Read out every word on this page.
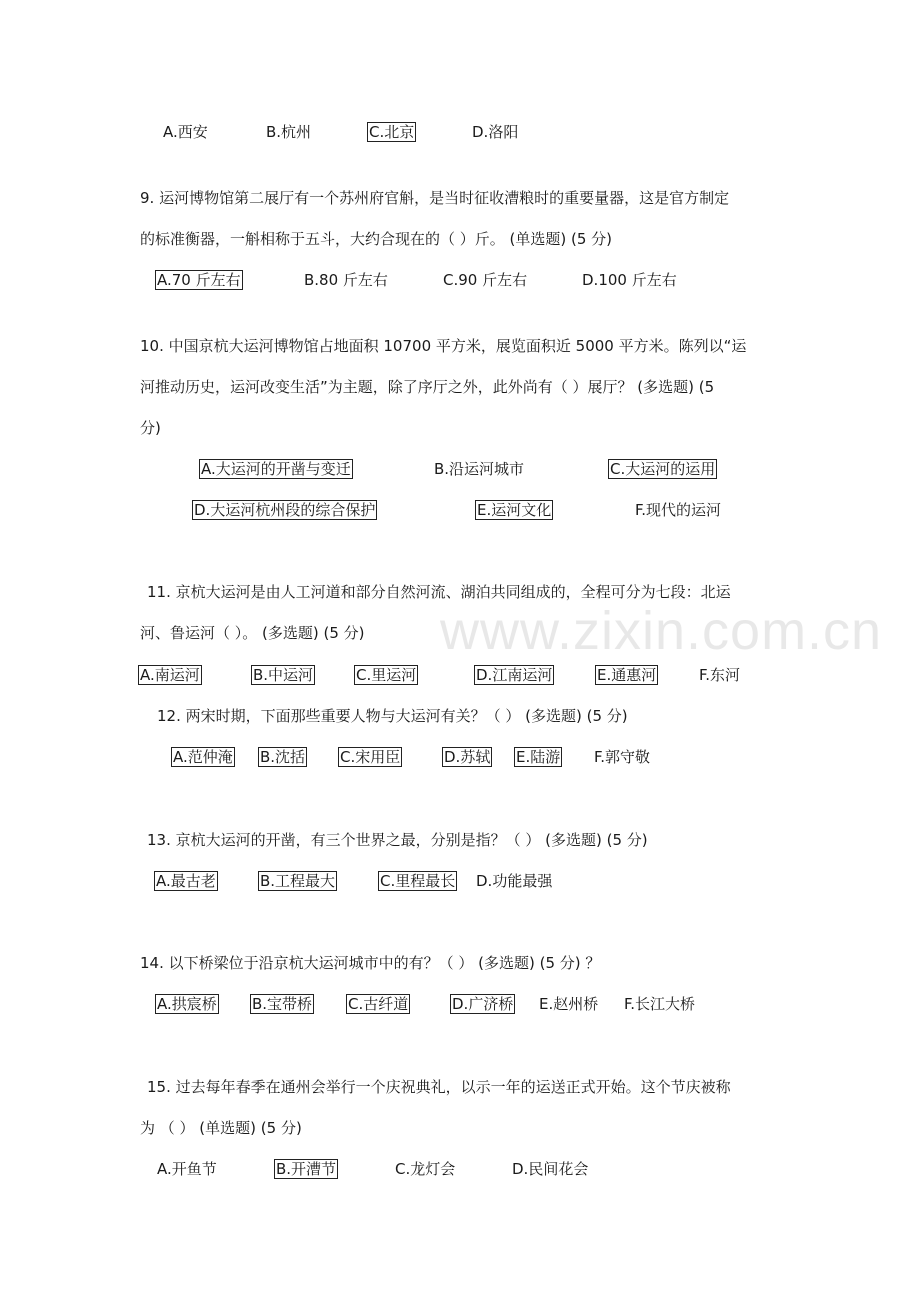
www.zixin.com.cn
A.西安	B.杭州	C.北京	D.洛阳
9. 运河博物馆第二展厅有一个苏州府官斛，是当时征收漕粮时的重要量器，这是官方制定
的标准衡器，一斛相称于五斗，大约合现在的（ ）斤。 (单选题) (5 分)
A.70 斤左右	B.80 斤左右	C.90 斤左右	D.100 斤左右
10. 中国京杭大运河博物馆占地面积 10700 平方米，展览面积近 5000 平方米。陈列以“运
河推动历史，运河改变生活”为主题，除了序厅之外，此外尚有（ ）展厅？ (多选题) (5
分)
A.大运河的开凿与变迁	B.沿运河城市	C.大运河的运用
D.大运河杭州段的综合保护	E.运河文化	F.现代的运河
11. 京杭大运河是由人工河道和部分自然河流、湖泊共同组成的，全程可分为七段：北运
河、鲁运河（ ）。 (多选题) (5 分)
A.南运河	B.中运河	C.里运河	D.江南运河	E.通惠河	F.东河
12. 两宋时期，下面那些重要人物与大运河有关？（ ） (多选题) (5 分)
A.范仲淹 B.沈括 C.宋用臣	D.苏轼 E.陆游 F.郭守敬
13. 京杭大运河的开凿，有三个世界之最，分别是指？（ ） (多选题) (5 分)
A.最古老	B.工程最大	C.里程最长 D.功能最强
14. 以下桥梁位于沿京杭大运河城市中的有？（ ） (多选题) (5 分) ？
A.拱宸桥 B.宝带桥 C.古纤道	D.广济桥 E.赵州桥 F.长江大桥
15. 过去每年春季在通州会举行一个庆祝典礼，以示一年的运送正式开始。这个节庆被称
为 （ ） (单选题) (5 分)
A.开鱼节	B.开漕节	C.龙灯会	D.民间花会
